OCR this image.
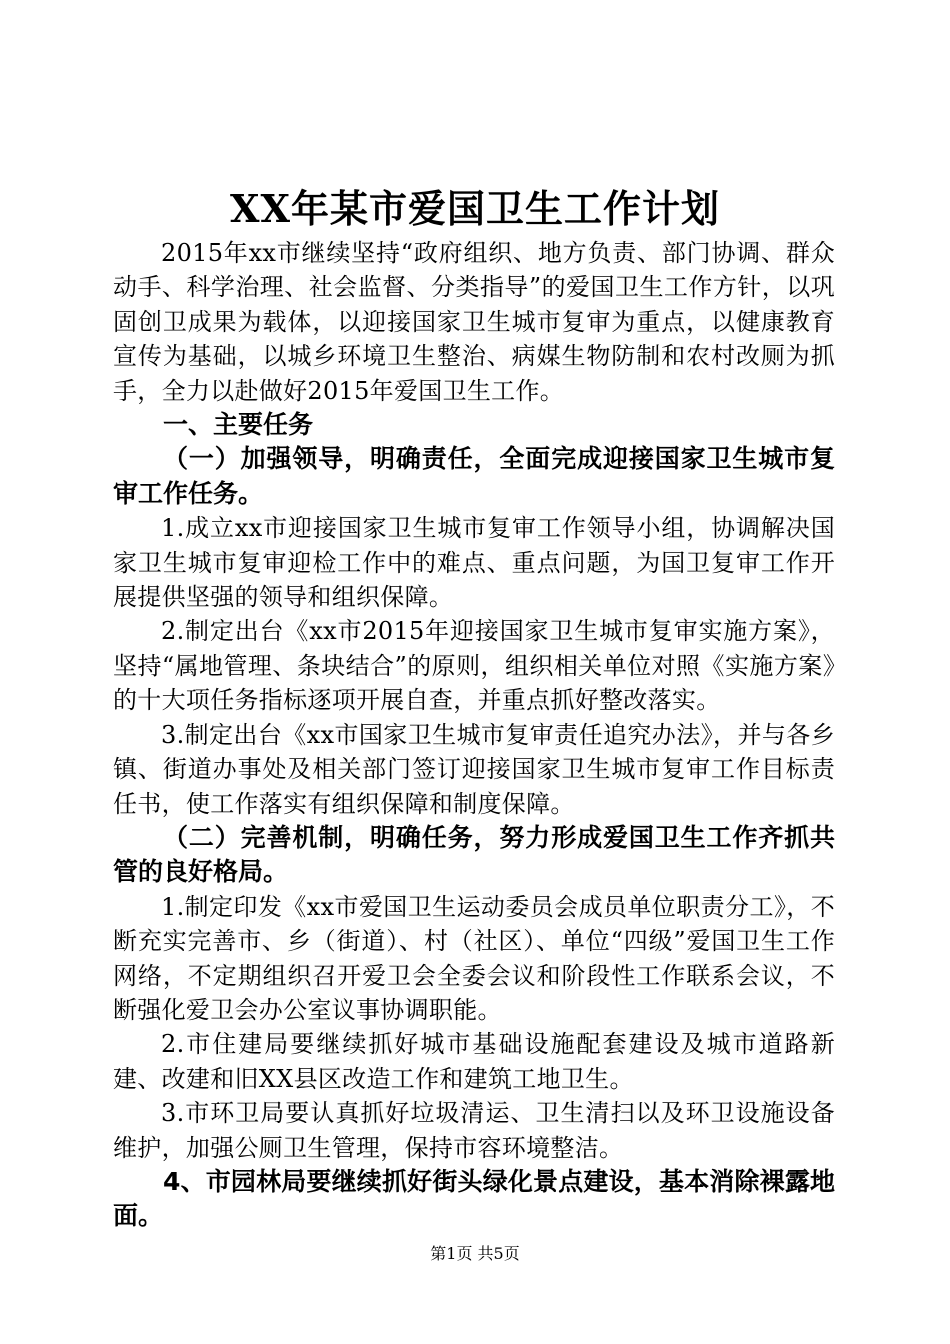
XX年某市爱国卫生工作计划

2015年xx市继续坚持“政府组织、地方负责、部门协调、群众动手、科学治理、社会监督、分类指导”的爱国卫生工作方针，以巩固创卫成果为载体，以迎接国家卫生城市复审为重点，以健康教育宣传为基础，以城乡环境卫生整治、病媒生物防制和农村改厕为抓手，全力以赴做好2015年爱国卫生工作。

一、主要任务

（一）加强领导，明确责任，全面完成迎接国家卫生城市复审工作任务。

1.成立xx市迎接国家卫生城市复审工作领导小组，协调解决国家卫生城市复审迎检工作中的难点、重点问题，为国卫复审工作开展提供坚强的领导和组织保障。

2.制定出台《xx市2015年迎接国家卫生城市复审实施方案》，坚持“属地管理、条块结合”的原则，组织相关单位对照《实施方案》的十大项任务指标逐项开展自查，并重点抓好整改落实。

3.制定出台《xx市国家卫生城市复审责任追究办法》，并与各乡镇、街道办事处及相关部门签订迎接国家卫生城市复审工作目标责任书，使工作落实有组织保障和制度保障。

（二）完善机制，明确任务，努力形成爱国卫生工作齐抓共管的良好格局。

1.制定印发《xx市爱国卫生运动委员会成员单位职责分工》，不断充实完善市、乡（街道）、村（社区）、单位“四级”爱国卫生工作网络，不定期组织召开爱卫会全委会议和阶段性工作联系会议，不断强化爱卫会办公室议事协调职能。

2.市住建局要继续抓好城市基础设施配套建设及城市道路新建、改建和旧XX县区改造工作和建筑工地卫生。

3.市环卫局要认真抓好垃圾清运、卫生清扫以及环卫设施设备维护，加强公厕卫生管理，保持市容环境整洁。

4、市园林局要继续抓好街头绿化景点建设，基本消除裸露地面。

第1页 共5页
